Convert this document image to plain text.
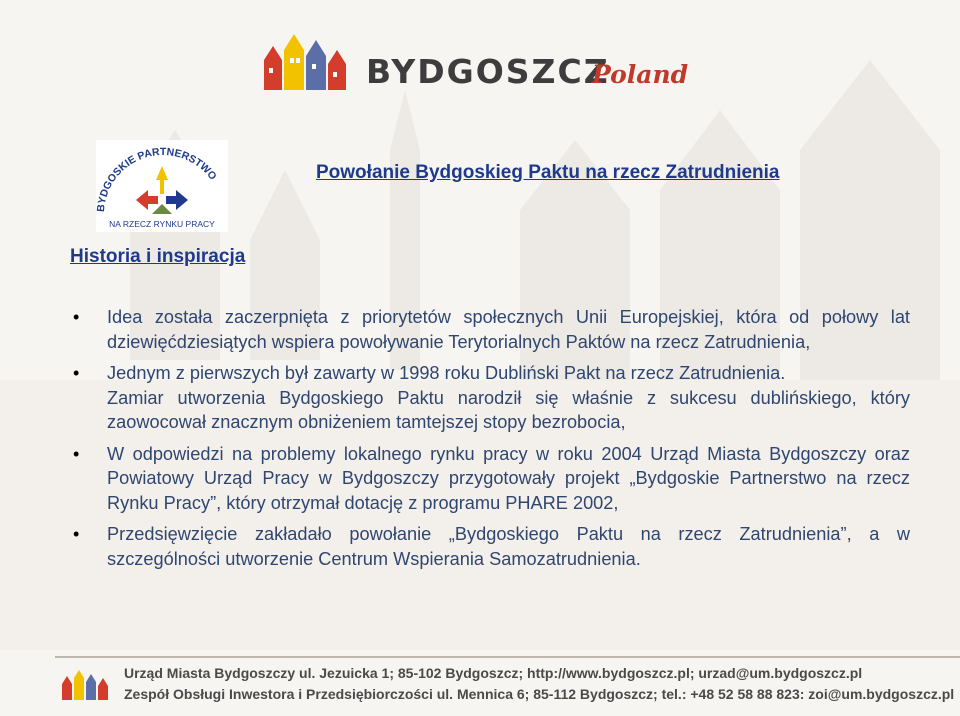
BYDGOSZCZ
Poland
BYDGOSKIE PARTNERSTWO
NA RZECZ RYNKU PRACY
Powołanie Bydgoskieg Paktu na rzecz Zatrudnienia
Historia i inspiracja
• Idea została zaczerpnięta z priorytetów społecznych Unii Europejskiej, która od połowy lat dziewięćdziesiątych wspiera powoływanie Terytorialnych Paktów na rzecz Zatrudnienia,
• Jednym z pierwszych był zawarty w 1998 roku Dubliński Pakt na rzecz Zatrudnienia.
Zamiar utworzenia Bydgoskiego Paktu narodził się właśnie z sukcesu dublińskiego, który zaowocował znacznym obniżeniem tamtejszej stopy bezrobocia,
• W odpowiedzi na problemy lokalnego rynku pracy w roku 2004 Urząd Miasta Bydgoszczy oraz Powiatowy Urząd Pracy w Bydgoszczy przygotowały projekt „Bydgoskie Partnerstwo na rzecz Rynku Pracy”, który otrzymał dotację z programu PHARE 2002,
• Przedsięwzięcie zakładało powołanie „Bydgoskiego Paktu na rzecz Zatrudnienia”, a w szczególności utworzenie Centrum Wspierania Samozatrudnienia.
Urząd Miasta Bydgoszczy ul. Jezuicka 1; 85-102 Bydgoszcz; http://www.bydgoszcz.pl; urzad@um.bydgoszcz.pl
Zespół Obsługi Inwestora i Przedsiębiorczości ul. Mennica 6; 85-112 Bydgoszcz; tel.: +48 52 58 88 823: zoi@um.bydgoszcz.pl
